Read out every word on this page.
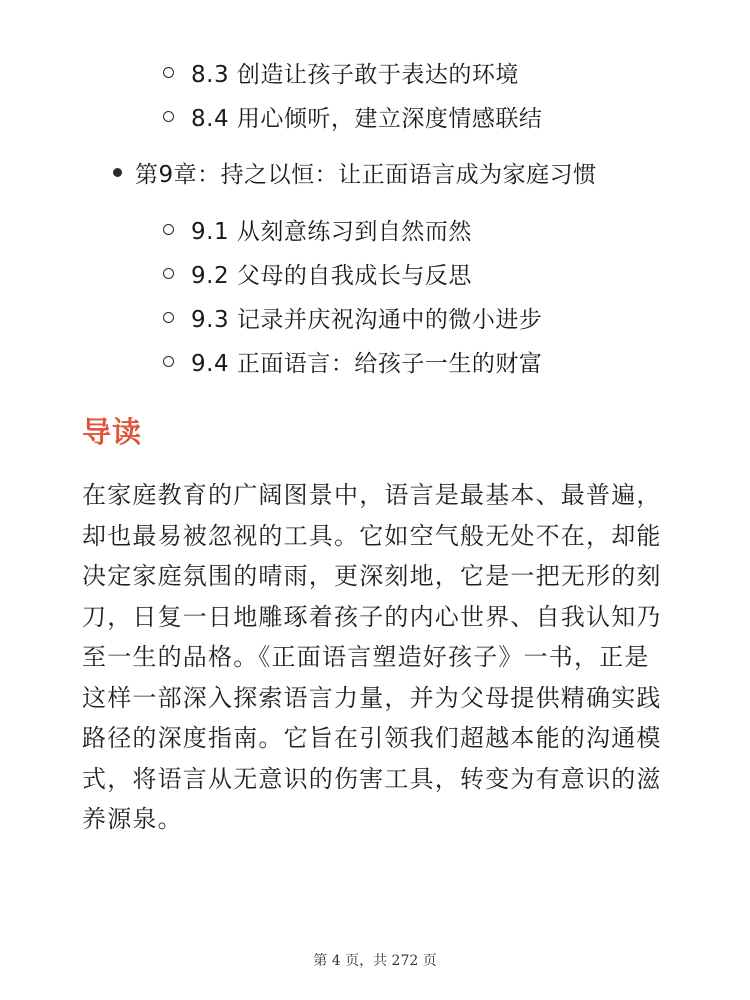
8.3 创造让孩子敢于表达的环境
8.4 用心倾听，建立深度情感联结
第9章：持之以恒：让正面语言成为家庭习惯
9.1 从刻意练习到自然而然
9.2 父母的自我成长与反思
9.3 记录并庆祝沟通中的微小进步
9.4 正面语言：给孩子一生的财富
导读

在家庭教育的广阔图景中，语言是最基本、最普遍，却也最易被忽视的工具。它如空气般无处不在，却能决定家庭氛围的晴雨，更深刻地，它是一把无形的刻刀，日复一日地雕琢着孩子的内心世界、自我认知乃至一生的品格。《正面语言塑造好孩子》一书，正是这样一部深入探索语言力量，并为父母提供精确实践路径的深度指南。它旨在引领我们超越本能的沟通模式，将语言从无意识的伤害工具，转变为有意识的滋养源泉。

第 4 页，共 272 页
